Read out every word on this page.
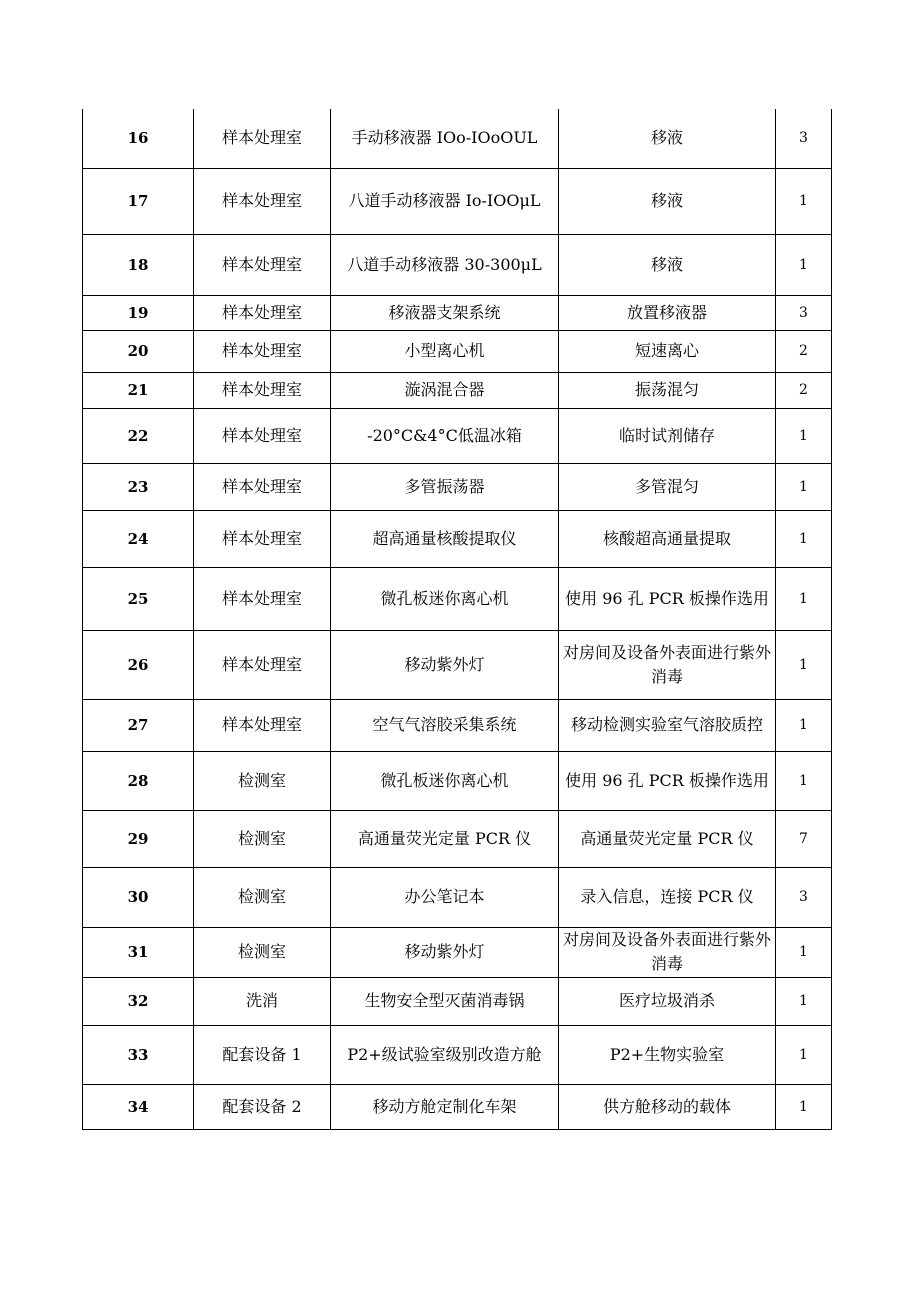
16	样本处理室	手动移液器 IOo-IOoOUL	移液	3
17	样本处理室	八道手动移液器 Io-IOOμL	移液	1
18	样本处理室	八道手动移液器 30-300μL	移液	1
19	样本处理室	移液器支架系统	放置移液器	3
20	样本处理室	小型离心机	短速离心	2
21	样本处理室	漩涡混合器	振荡混匀	2
22	样本处理室	-20°C&4°C低温冰箱	临时试剂储存	1
23	样本处理室	多管振荡器	多管混匀	1
24	样本处理室	超高通量核酸提取仪	核酸超高通量提取	1
25	样本处理室	微孔板迷你离心机	使用 96 孔 PCR 板操作选用	1
26	样本处理室	移动紫外灯	对房间及设备外表面进行紫外消毒	1
27	样本处理室	空气气溶胶采集系统	移动检测实验室气溶胶质控	1
28	检测室	微孔板迷你离心机	使用 96 孔 PCR 板操作选用	1
29	检测室	高通量荧光定量 PCR 仪	高通量荧光定量 PCR 仪	7
30	检测室	办公笔记本	录入信息，连接 PCR 仪	3
31	检测室	移动紫外灯	对房间及设备外表面进行紫外消毒	1
32	洗消	生物安全型灭菌消毒锅	医疗垃圾消杀	1
33	配套设备 1	P2+级试验室级别改造方舱	P2+生物实验室	1
34	配套设备 2	移动方舱定制化车架	供方舱移动的载体	1
